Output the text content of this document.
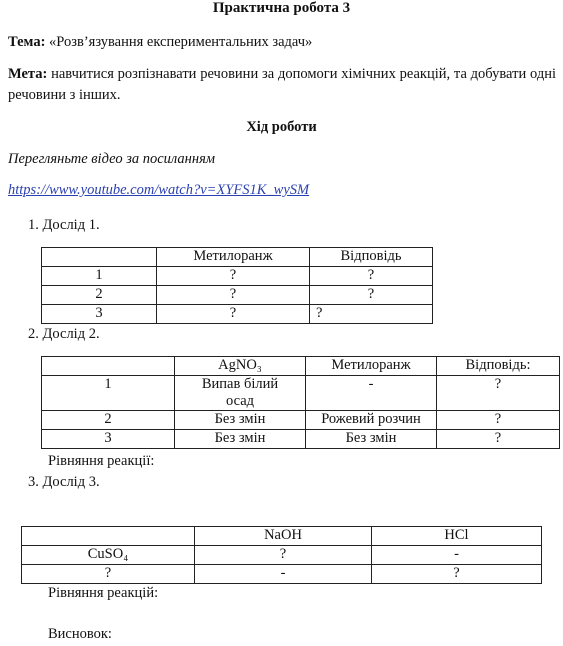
Практична робота 3
Тема: «Розв’язування експериментальних задач»
Мета: навчитися розпізнавати речовини за допомоги хімічних реакцій, та добувати одні речовини з інших.
Хід роботи
Перегляньте відео за посиланням
https://www.youtube.com/watch?v=XYFS1K_wySM
1. Дослід 1.
	Метилоранж	Відповідь
1	?	?
2	?	?
3	?	?
2. Дослід 2.
	AgNO₃	Метилоранж	Відповідь:
1	Випав білий осад	-	?
2	Без змін	Рожевий розчин	?
3	Без змін	Без змін	?
Рівняння реакції:
3. Дослід 3.
	NaOH	HCl
CuSO₄	?	-
?	-	?
Рівняння реакцій:
Висновок:
